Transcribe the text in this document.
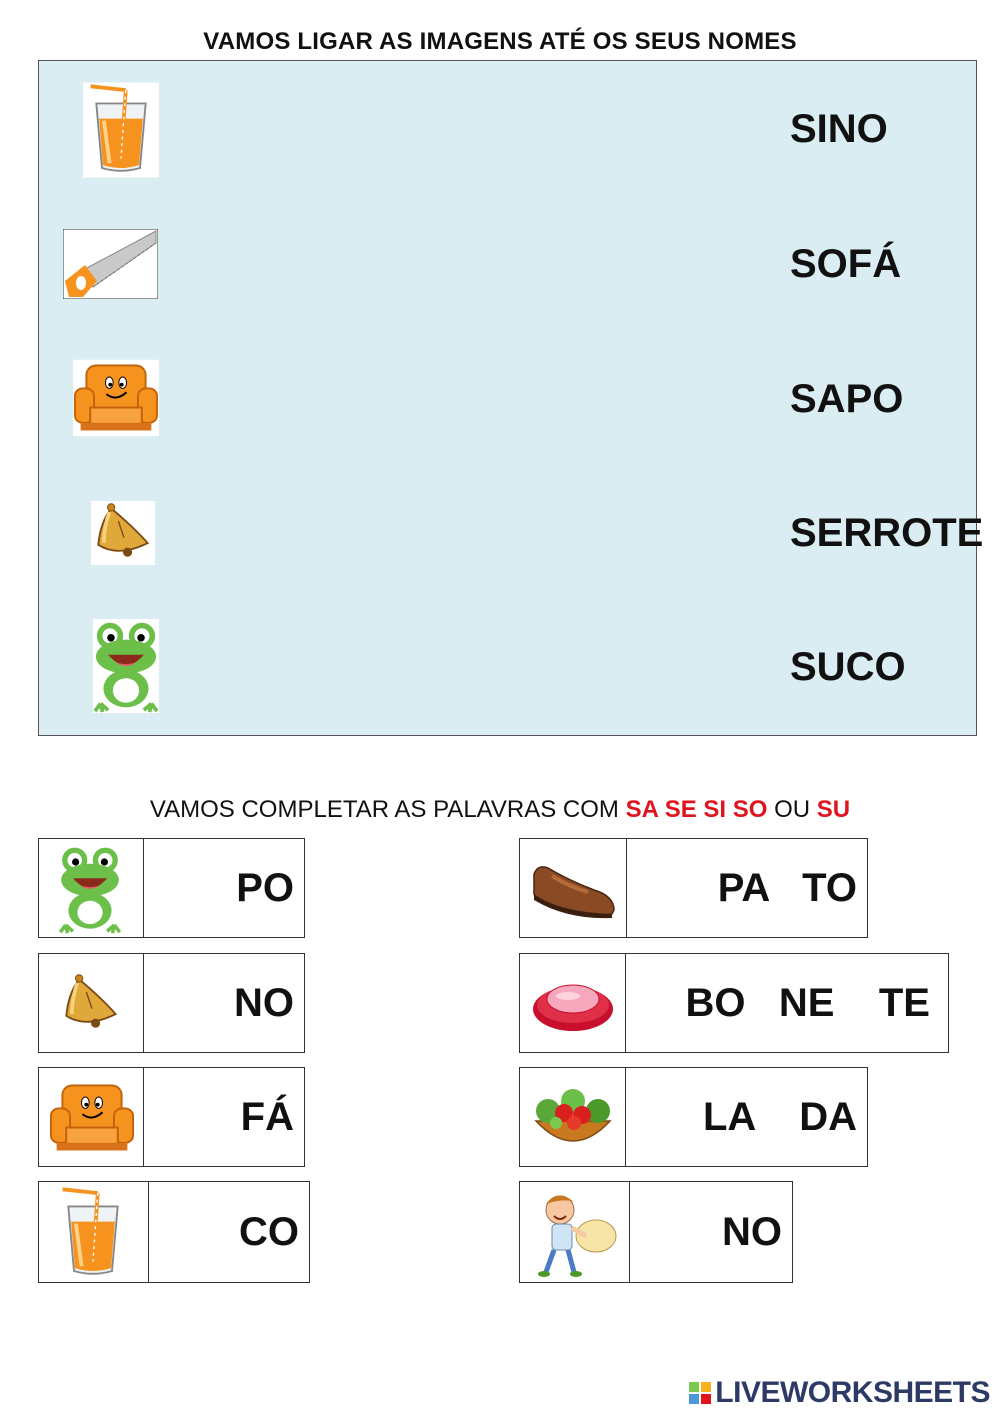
VAMOS LIGAR AS IMAGENS ATÉ OS SEUS NOMES
SINO
SOFÁ
SAPO
SERROTE
SUCO
VAMOS COMPLETAR AS PALAVRAS COM SA SE SI SO OU SU
PO
NO
FÁ
CO
PA   TO
BO   NE    TE
LA    DA
NO
LIVEWORKSHEETS
